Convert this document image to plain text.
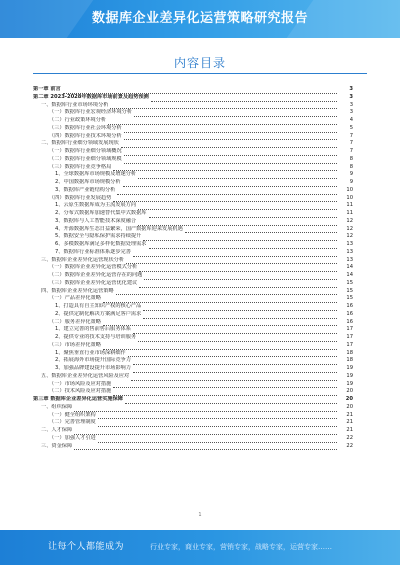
数据库企业差异化运营策略研究报告
内容目录
第一章 前言	3
第二章 2023-2028年数据库市场前景及趋势预测	3
一、数据库行业市场环境分析	3
（一）数据库行业宏观经济环境分析	3
（二）行业政策环境分析	4
（三）数据库行业社会环境分析	5
（四）数据库行业技术环境分析	7
二、数据库行业细分领域发展现状	7
（一）数据库行业细分领域概况	7
（二）数据库行业细分领域规模	8
（三）数据库行业竞争格局	8
1、全球数据库市场规模及增速分析	9
2、中国数据库市场规模分析	9
3、数据库产业链结构分析	10
（四）数据库行业发展趋势	10
1、云原生数据库成为主流发展方向	11
2、分布式数据库加速替代集中式数据库	11
3、数据库与人工智能技术深度融合	12
4、开源数据库生态日益繁荣，国产数据库迎来发展机遇	12
5、数据安全与隐私保护需求持续提升	12
6、多模数据库满足多样化数据处理需求	13
7、数据库行业标准体系逐步完善	13
三、数据库企业差异化运营现状分析	13
（一）数据库企业差异化运营模式分析	14
（二）数据库企业差异化运营存在的问题	14
（三）数据库企业差异化运营优化建议	15
四、数据库企业差异化运营策略	15
（一）产品差异化策略	15
1、打造具有自主知识产权的核心产品	16
2、提供定制化解决方案满足客户需求	16
（二）服务差异化策略	16
1、建立完善的售前售后服务体系	17
2、提供专业的技术支持与培训服务	17
（三）市场差异化策略	17
1、聚焦垂直行业市场深耕细作	18
2、拓展海外市场提升国际竞争力	18
3、加强品牌建设提升市场影响力	19
五、数据库企业差异化运营风险及应对	19
（一）市场风险及应对措施	19
（二）技术风险及应对措施	20
第三章 数据库企业差异化运营实施保障	20
一、组织保障	20
（一）健全组织架构	21
（二）完善管理制度	21
二、人才保障	21
（一）加强人才引进	22
三、资金保障	22
1
让每个人都能成为	行业专家，商业专家，营销专家，战略专家，运营专家……
